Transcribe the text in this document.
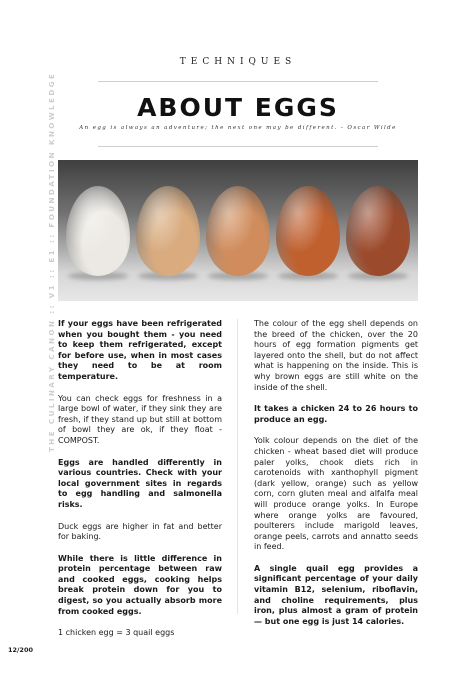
TECHNIQUES
ABOUT EGGS
An egg is always an adventure; the next one may be different. - Oscar Wilde
THE CULINARY CANON :: V1 :: E1 :: FOUNDATION KNOWLEDGE If your eggs have been refrigerated when you bought them - you need to keep them refrigerated, except for before use, when in most cases they need to be at room temperature.

You can check eggs for freshness in a large bowl of water, if they sink they are fresh, if they stand up but still at bottom of bowl they are ok, if they float - COMPOST.

Eggs are handled differently in various countries. Check with your local government sites in regards to egg handling and salmonella risks.

Duck eggs are higher in fat and better for baking.

While there is little difference in protein percentage between raw and cooked eggs, cooking helps break protein down for you to digest, so you actually absorb more from cooked eggs.

1 chicken egg = 3 quail eggs

The colour of the egg shell depends on the breed of the chicken, over the 20 hours of egg formation pigments get layered onto the shell, but do not affect what is happening on the inside. This is why brown eggs are still white on the inside of the shell.

It takes a chicken 24 to 26 hours to produce an egg.

Yolk colour depends on the diet of the chicken - wheat based diet will produce paler yolks, chook diets rich in carotenoids with xanthophyll pigment (dark yellow, orange) such as yellow corn, corn gluten meal and alfalfa meal will produce orange yolks. In Europe where orange yolks are favoured, poulterers include marigold leaves, orange peels, carrots and annatto seeds in feed.

A single quail egg provides a significant percentage of your daily vitamin B12, selenium, riboflavin, and choline requirements, plus iron, plus almost a gram of protein — but one egg is just 14 calories.

12/200
